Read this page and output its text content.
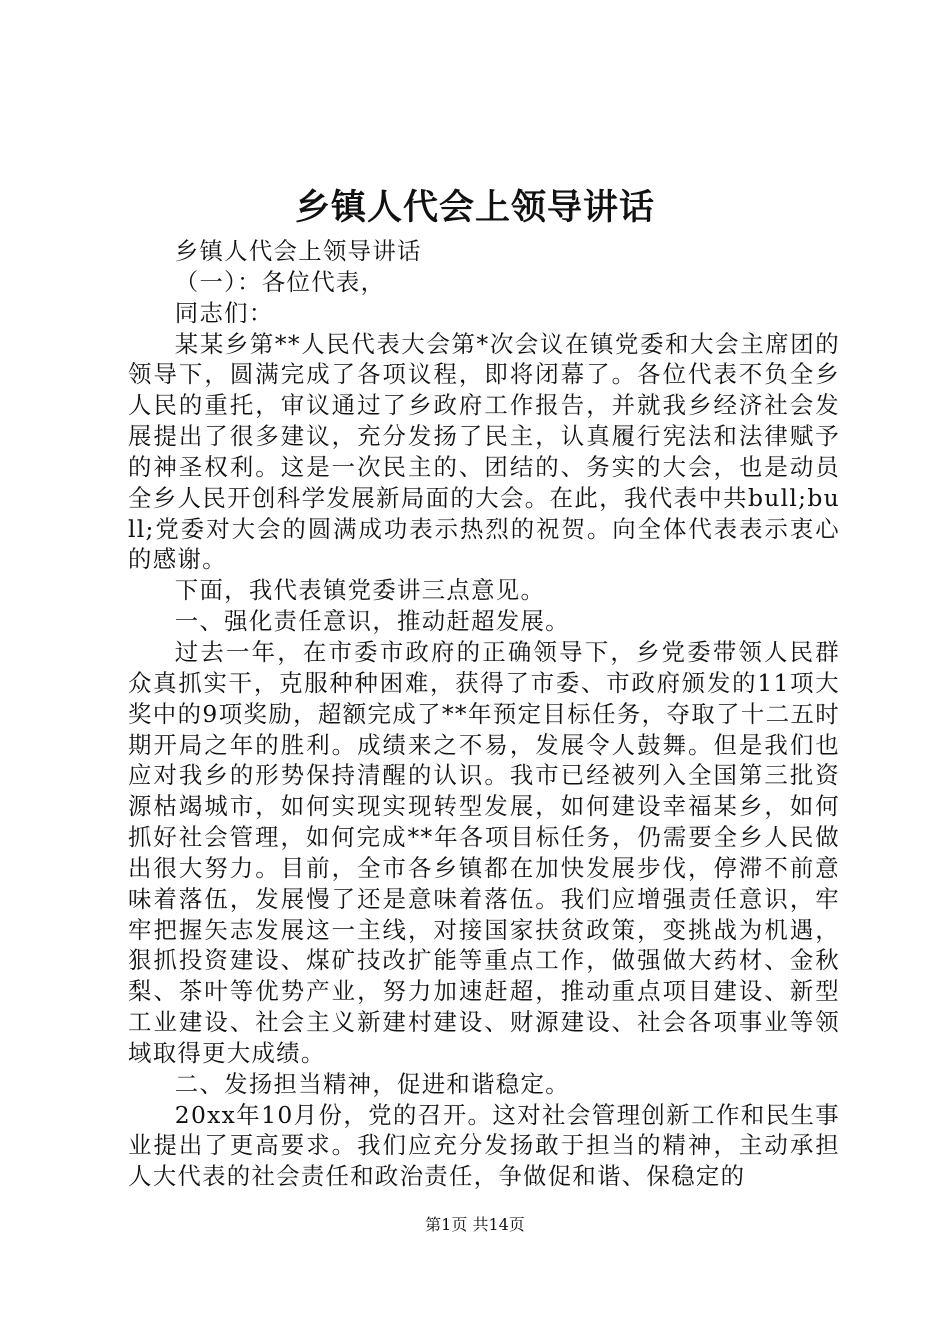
乡镇人代会上领导讲话

乡镇人代会上领导讲话

（一）：各位代表，

同志们：

某某乡第**人民代表大会第*次会议在镇党委和大会主席团的领导下，圆满完成了各项议程，即将闭幕了。各位代表不负全乡人民的重托，审议通过了乡政府工作报告，并就我乡经济社会发展提出了很多建议，充分发扬了民主，认真履行宪法和法律赋予的神圣权利。这是一次民主的、团结的、务实的大会，也是动员全乡人民开创科学发展新局面的大会。在此，我代表中共bull;bull;党委对大会的圆满成功表示热烈的祝贺。向全体代表表示衷心的感谢。

下面，我代表镇党委讲三点意见。

一、强化责任意识，推动赶超发展。

过去一年，在市委市政府的正确领导下，乡党委带领人民群众真抓实干，克服种种困难，获得了市委、市政府颁发的11项大奖中的9项奖励，超额完成了**年预定目标任务，夺取了十二五时期开局之年的胜利。成绩来之不易，发展令人鼓舞。但是我们也应对我乡的形势保持清醒的认识。我市已经被列入全国第三批资源枯竭城市，如何实现实现转型发展，如何建设幸福某乡，如何抓好社会管理，如何完成**年各项目标任务，仍需要全乡人民做出很大努力。目前，全市各乡镇都在加快发展步伐，停滞不前意味着落伍，发展慢了还是意味着落伍。我们应增强责任意识，牢牢把握矢志发展这一主线，对接国家扶贫政策，变挑战为机遇，狠抓投资建设、煤矿技改扩能等重点工作，做强做大药材、金秋梨、茶叶等优势产业，努力加速赶超，推动重点项目建设、新型工业建设、社会主义新建村建设、财源建设、社会各项事业等领域取得更大成绩。

二、发扬担当精神，促进和谐稳定。

20xx年10月份，党的召开。这对社会管理创新工作和民生事业提出了更高要求。我们应充分发扬敢于担当的精神，主动承担人大代表的社会责任和政治责任，争做促和谐、保稳定的

第1页 共14页
